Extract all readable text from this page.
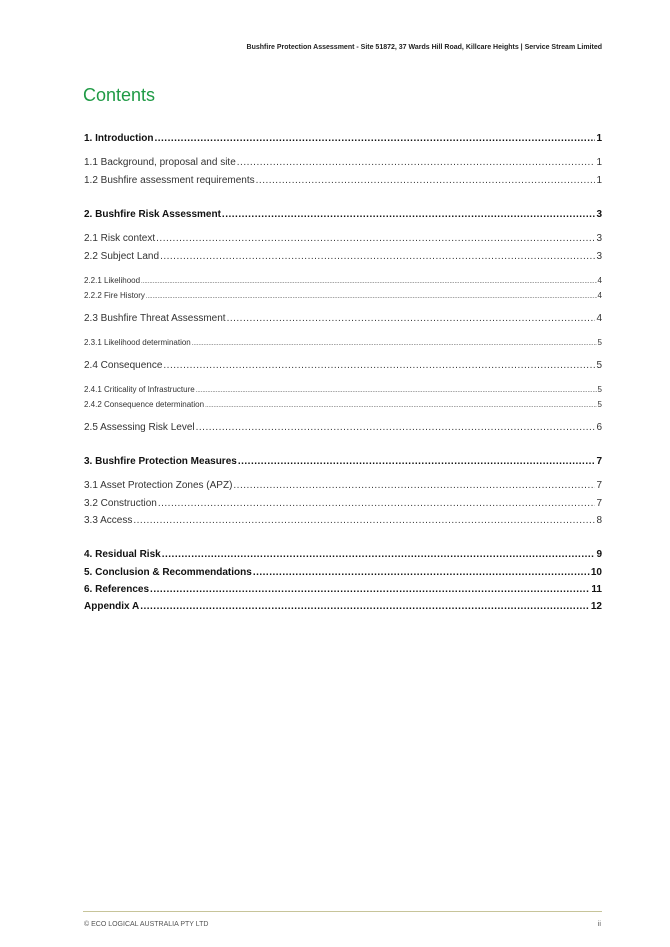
Bushfire Protection Assessment - Site 51872, 37 Wards Hill Road, Killcare Heights | Service Stream Limited
Contents
1. Introduction .....	1
1.1 Background, proposal and site .....	1
1.2 Bushfire assessment requirements .....	1
2. Bushfire Risk Assessment .....	3
2.1 Risk context .....	3
2.2 Subject Land .....	3
2.2.1 Likelihood .....	4
2.2.2 Fire History .....	4
2.3 Bushfire Threat Assessment .....	4
2.3.1 Likelihood determination .....	5
2.4 Consequence .....	5
2.4.1 Criticality of Infrastructure .....	5
2.4.2 Consequence determination .....	5
2.5 Assessing Risk Level .....	6
3. Bushfire Protection Measures .....	7
3.1 Asset Protection Zones (APZ) .....	7
3.2 Construction .....	7
3.3 Access .....	8
4. Residual Risk .....	9
5. Conclusion & Recommendations .....	10
6. References .....	11
Appendix A .....	12
© ECO LOGICAL AUSTRALIA PTY LTD	ii
